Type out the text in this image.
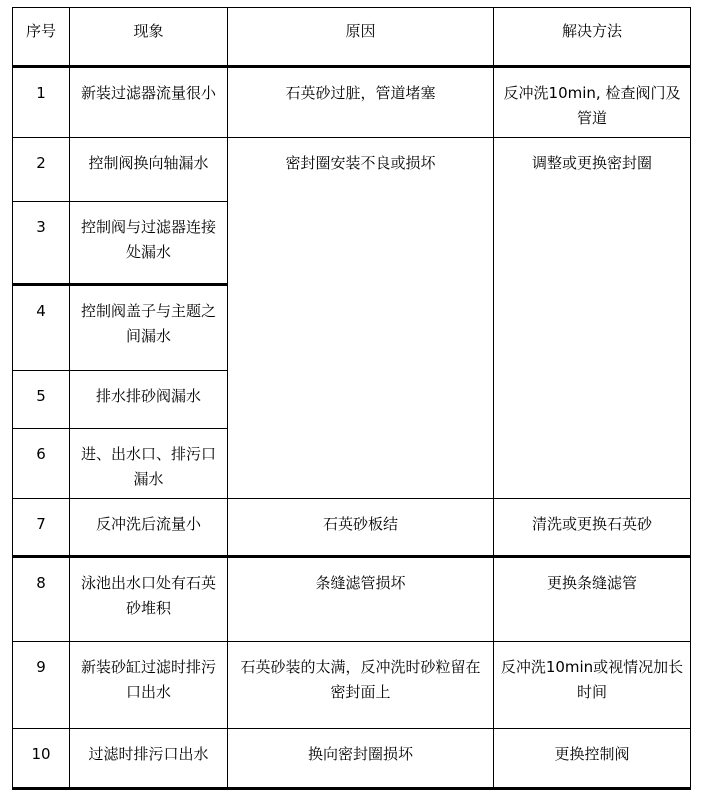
序号	现象	原因	解决方法
1	新装过滤器流量很小	石英砂过脏，管道堵塞	反冲洗10min, 检查阀门及管道
2	控制阀换向轴漏水	密封圈安装不良或损坏	调整或更换密封圈
3	控制阀与过滤器连接处漏水		
4	控制阀盖子与主题之间漏水		
5	排水排砂阀漏水		
6	进、出水口、排污口漏水		
7	反冲洗后流量小	石英砂板结	清洗或更换石英砂
8	泳池出水口处有石英砂堆积	条缝滤管损坏	更换条缝滤管
9	新装砂缸过滤时排污口出水	石英砂装的太满，反冲洗时砂粒留在密封面上	反冲洗10min或视情况加长时间
10	过滤时排污口出水	换向密封圈损坏	更换控制阀
